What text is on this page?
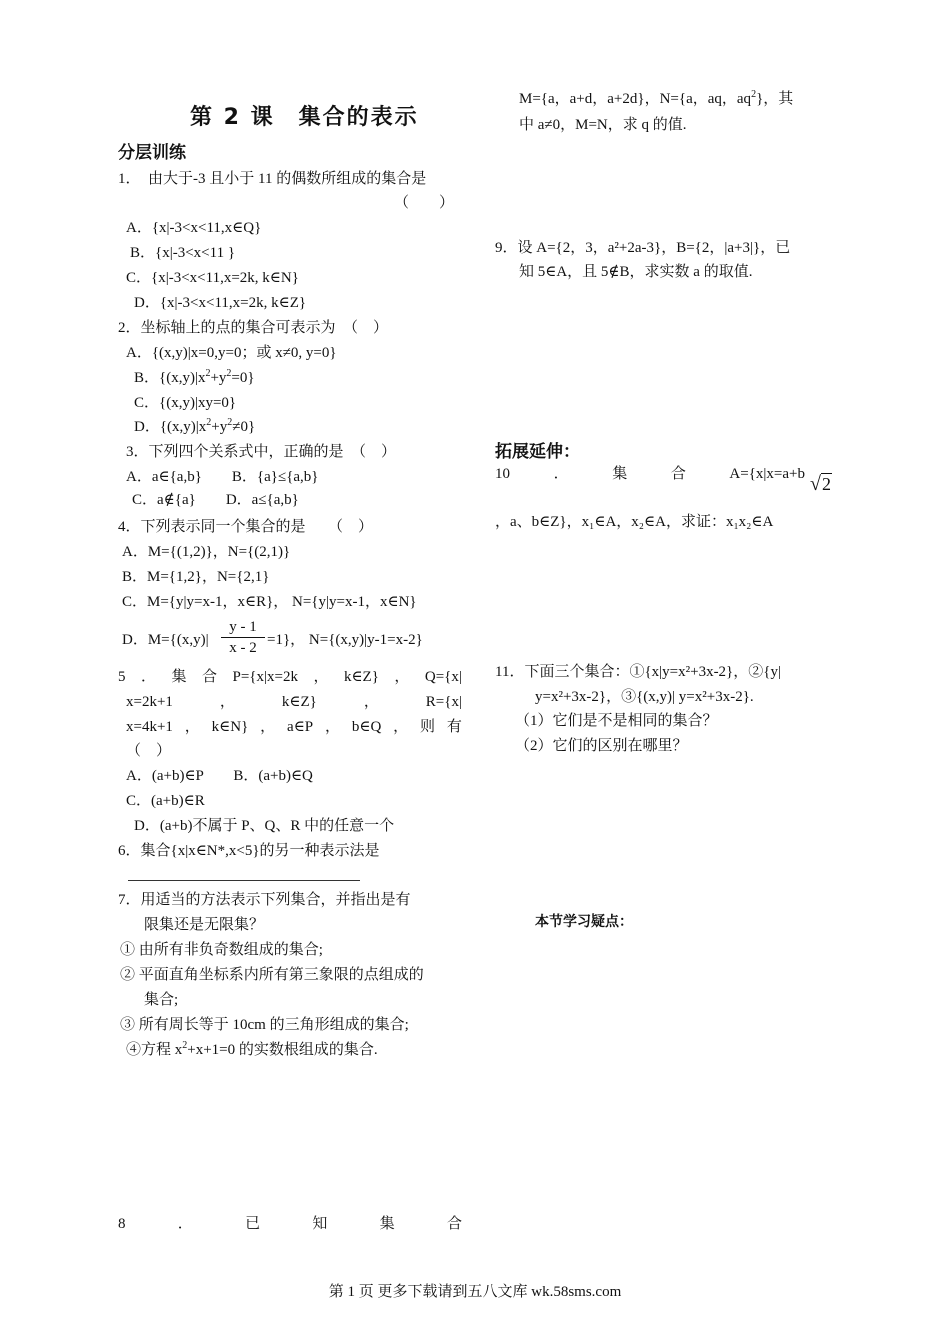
第 2 课　集合的表示
分层训练
1．　由大于-3 且小于 11 的偶数所组成的集合是
（　　）
A．{x|-3<x<11,x∈Q}
B．{x|-3<x<11 }
C．{x|-3<x<11,x=2k, k∈N}
D．{x|-3<x<11,x=2k, k∈Z}
2．坐标轴上的点的集合可表示为　（　）
A．{(x,y)|x=0,y=0；或 x≠0, y=0}
B．$\{(x,y)|x^2+y^2=0\}$
C．{(x,y)|xy=0}
D．$\{(x,y)|x^2+y^2\ne 0\}$
3．下列四个关系式中，正确的是　（　）
A．a∈{a,b}　　B．{a}≤{a,b}
C．a∉{a}　　D．a≤{a,b}
4．下列表示同一个集合的是　　（　）
A．M={(1,2)}，N={(2,1)}
B．M={1,2}，N={2,1}
C．M={y|y=x-1，x∈R}， N={y|y=x-1，x∈N}
D．$M=\{(x,y)| \frac{y - 1}{x - 2} =1\}$， N={(x,y)|y-1=x-2}
5 ． 集 合 P={x|x=2k ， k∈Z} ， Q={x|
x=2k+1	，	k∈Z}	，	R={x|
x=4k+1 ， k∈N} ， a∈P ， b∈Q ， 则 有
（　）
A．(a+b)∈P　　B．(a+b)∈Q
C．(a+b)∈R
D．(a+b)不属于 P、Q、R 中的任意一个
6．集合{x|x∈N*,x<5}的另一种表示法是
7．用适当的方法表示下列集合，并指出是有
限集还是无限集？
① 由所有非负奇数组成的集合;
② 平面直角坐标系内所有第三象限的点组成的
集合;
③ 所有周长等于 10cm 的三角形组成的集合;
④方程 $x^2+x+1=0$ 的实数根组成的集合.
8	．	已	知	集	合
M={a，a+d，a+2d}，N={a，aq，$aq^2$}，其
中 a≠0，M=N，求 q 的值.
9．设 A={2，3，a²+2a-3}，B={2，|a+3|}，已
知 5∈A，且 5∉B，求实数 a 的取值.
拓展延伸：
10	．	集	合	A={x|x=a+b √2
，a、b∈Z}，x₁∈A，x₂∈A，求证：x₁x₂∈A
11．下面三个集合：①{x|y=x²+3x-2}，②{y|
y=x²+3x-2}，③{(x,y)| y=x²+3x-2}.
（1）它们是不是相同的集合？
（2）它们的区别在哪里？
本节学习疑点：
第 1 页 更多下载请到五八文库 wk.58sms.com
